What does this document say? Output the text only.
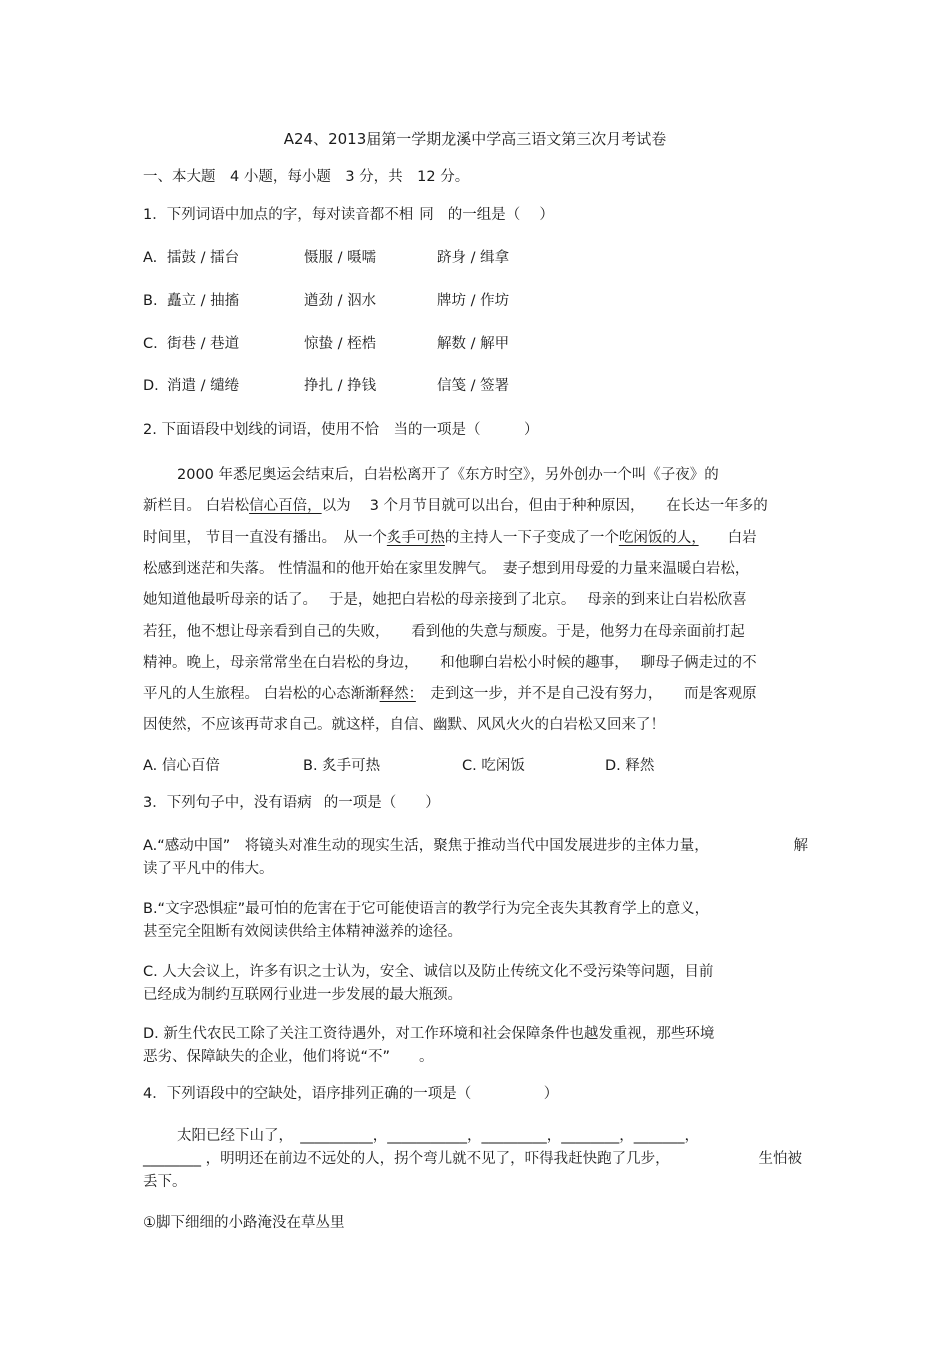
A24、2013届第一学期龙溪中学高三语文第三次月考试卷
一、本大题　4 小题，每小题　3 分，共　12 分。
1．下列词语中加点的字，每对读音都不相同 的一组是（　 ）
A. 擂鼓 / 擂台	慑服 / 嗫嚅	跻身 / 缉拿
B. 矗立 / 抽搐	遒劲 / 泅水	牌坊 / 作坊
C. 街巷 / 巷道	惊蛰 / 桎梏	解数 / 解甲
D. 消遣 / 缱绻	挣扎 / 挣钱	信笺 / 签署
2. 下面语段中划线的词语，使用不恰　当的一项是（　　　）
2000 年悉尼奥运会结束后，白岩松离开了《东方时空》，另外创办一个叫《子夜》的
新栏目。 白岩松信心百倍，以为　 3 个月节目就可以出台，但由于种种原因，　　在长达一年多的
时间里， 节目一直没有播出。　从一个炙手可热的主持人一下子变成了一个吃闲饭的人，　　白岩
松感到迷茫和失落。 性情温和的他开始在家里发脾气。　妻子想到用母爱的力量来温暖白岩松，
她知道他最听母亲的话了。　 于是，她把白岩松的母亲接到了北京。　 母亲的到来让白岩松欣喜
若狂，他不想让母亲看到自己的失败，　　看到他的失意与颓废。于是，他努力在母亲面前打起
精神。晚上，母亲常常坐在白岩松的身边，　　和他聊白岩松小时候的趣事，　 聊母子俩走过的不
平凡的人生旅程。 白岩松的心态渐渐释然：　走到这一步，并不是自己没有努力，　　而是客观原
因使然，不应该再苛求自己。就这样，自信、幽默、风风火火的白岩松又回来了！
A. 信心百倍	B. 炙手可热	C. 吃闲饭	D. 释然
3．下列句子中，没有语病 的一项是（　　）
A.“感动中国”　将镜头对准生动的现实生活，聚焦于推动当代中国发展进步的主体力量，	解
读了平凡中的伟大。
B.“文字恐惧症”最可怕的危害在于它可能使语言的教学行为完全丧失其教育学上的意义，
甚至完全阻断有效阅读供给主体精神滋养的途径。
C. 人大会议上，许多有识之士认为，安全、诚信以及防止传统文化不受污染等问题，目前
已经成为制约互联网行业进一步发展的最大瓶颈。
D. 新生代农民工除了关注工资待遇外，对工作环境和社会保障条件也越发重视，那些环境
恶劣、保障缺失的企业，他们将说“不”　　。
4．下列语段中的空缺处，语序排列正确的一项是（　　　　　）
太阳已经下山了，　__________，___________，_________，________，_______，
________ ，明明还在前边不远处的人，拐个弯儿就不见了，吓得我赶快跑了几步，	生怕被
丢下。
①脚下细细的小路淹没在草丛里
